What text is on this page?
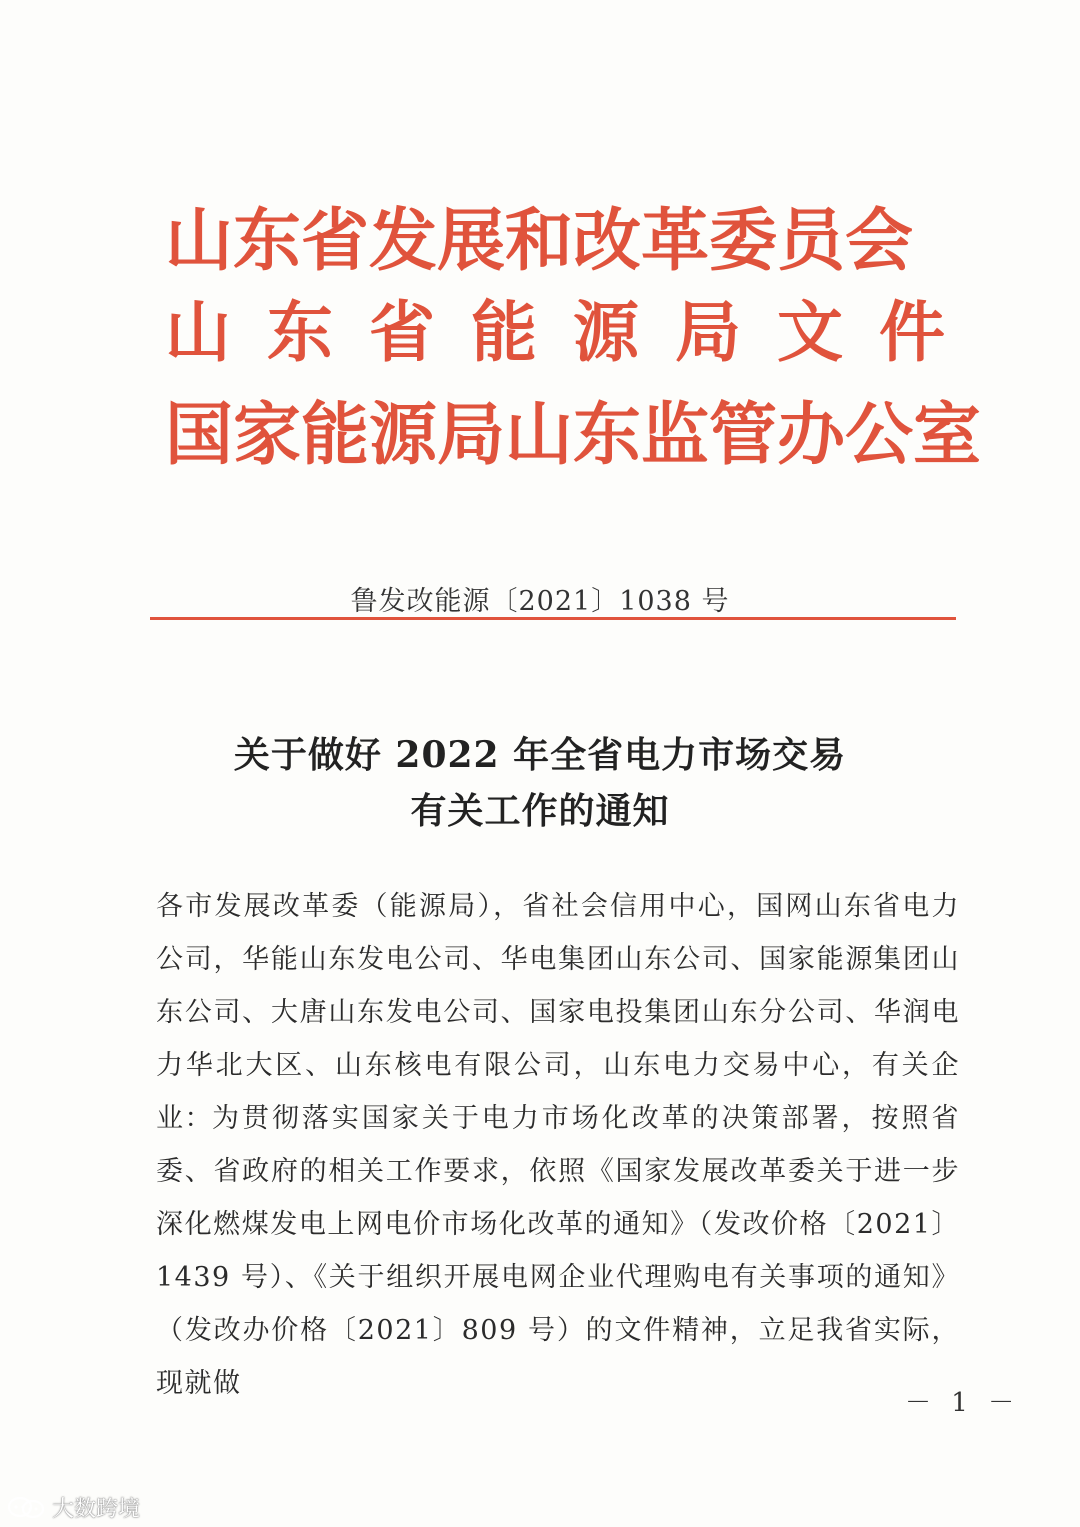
山东省发展和改革委员会
山东省能源局文件
国家能源局山东监管办公室
鲁发改能源〔2021〕1038 号
关于做好 2022 年全省电力市场交易
有关工作的通知
各市发展改革委（能源局），省社会信用中心，国网山东省电力公司，华能山东发电公司、华电集团山东公司、国家能源集团山东公司、大唐山东发电公司、国家电投集团山东分公司、华润电力华北大区、山东核电有限公司，山东电力交易中心，有关企业： 为贯彻落实国家关于电力市场化改革的决策部署，按照省委、省政府的相关工作要求，依照《国家发展改革委关于进一步深化燃煤发电上网电价市场化改革的通知》（发改价格〔2021〕1439 号）、《关于组织开展电网企业代理购电有关事项的通知》（发改办价格〔2021〕809 号）的文件精神，立足我省实际，现就做
－ 1 －
大数跨境
